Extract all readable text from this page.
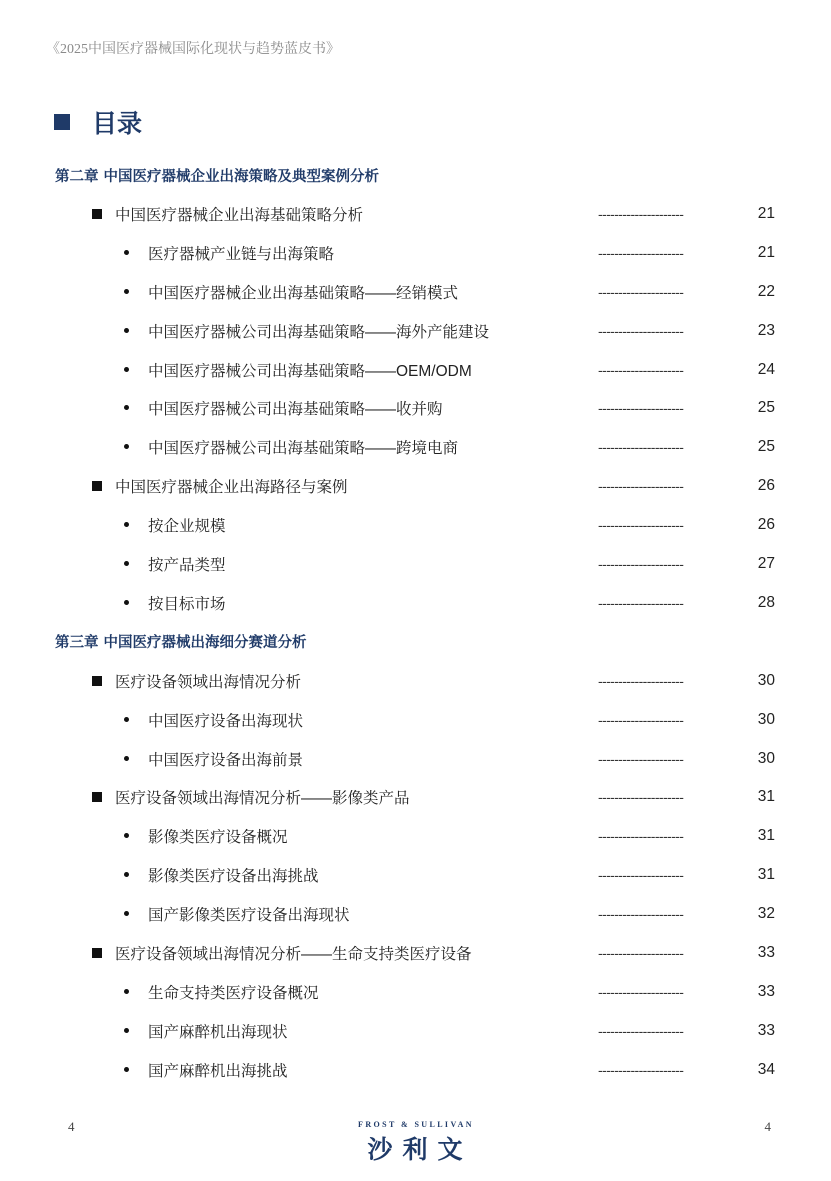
《2025中国医疗器械国际化现状与趋势蓝皮书》
目录
第二章 中国医疗器械企业出海策略及典型案例分析
中国医疗器械企业出海基础策略分析	---------------------	21
医疗器械产业链与出海策略	---------------------	21
中国医疗器械企业出海基础策略——经销模式	---------------------	22
中国医疗器械公司出海基础策略——海外产能建设	---------------------	23
中国医疗器械公司出海基础策略——OEM/ODM	---------------------	24
中国医疗器械公司出海基础策略——收并购	---------------------	25
中国医疗器械公司出海基础策略——跨境电商	---------------------	25
中国医疗器械企业出海路径与案例	---------------------	26
按企业规模	---------------------	26
按产品类型	---------------------	27
按目标市场	---------------------	28
第三章 中国医疗器械出海细分赛道分析
医疗设备领域出海情况分析	---------------------	30
中国医疗设备出海现状	---------------------	30
中国医疗设备出海前景	---------------------	30
医疗设备领域出海情况分析——影像类产品	---------------------	31
影像类医疗设备概况	---------------------	31
影像类医疗设备出海挑战	---------------------	31
国产影像类医疗设备出海现状	---------------------	32
医疗设备领域出海情况分析——生命支持类医疗设备	---------------------	33
生命支持类医疗设备概况	---------------------	33
国产麻醉机出海现状	---------------------	33
国产麻醉机出海挑战	---------------------	34
4	FROST & SULLIVAN
沙利文
4
